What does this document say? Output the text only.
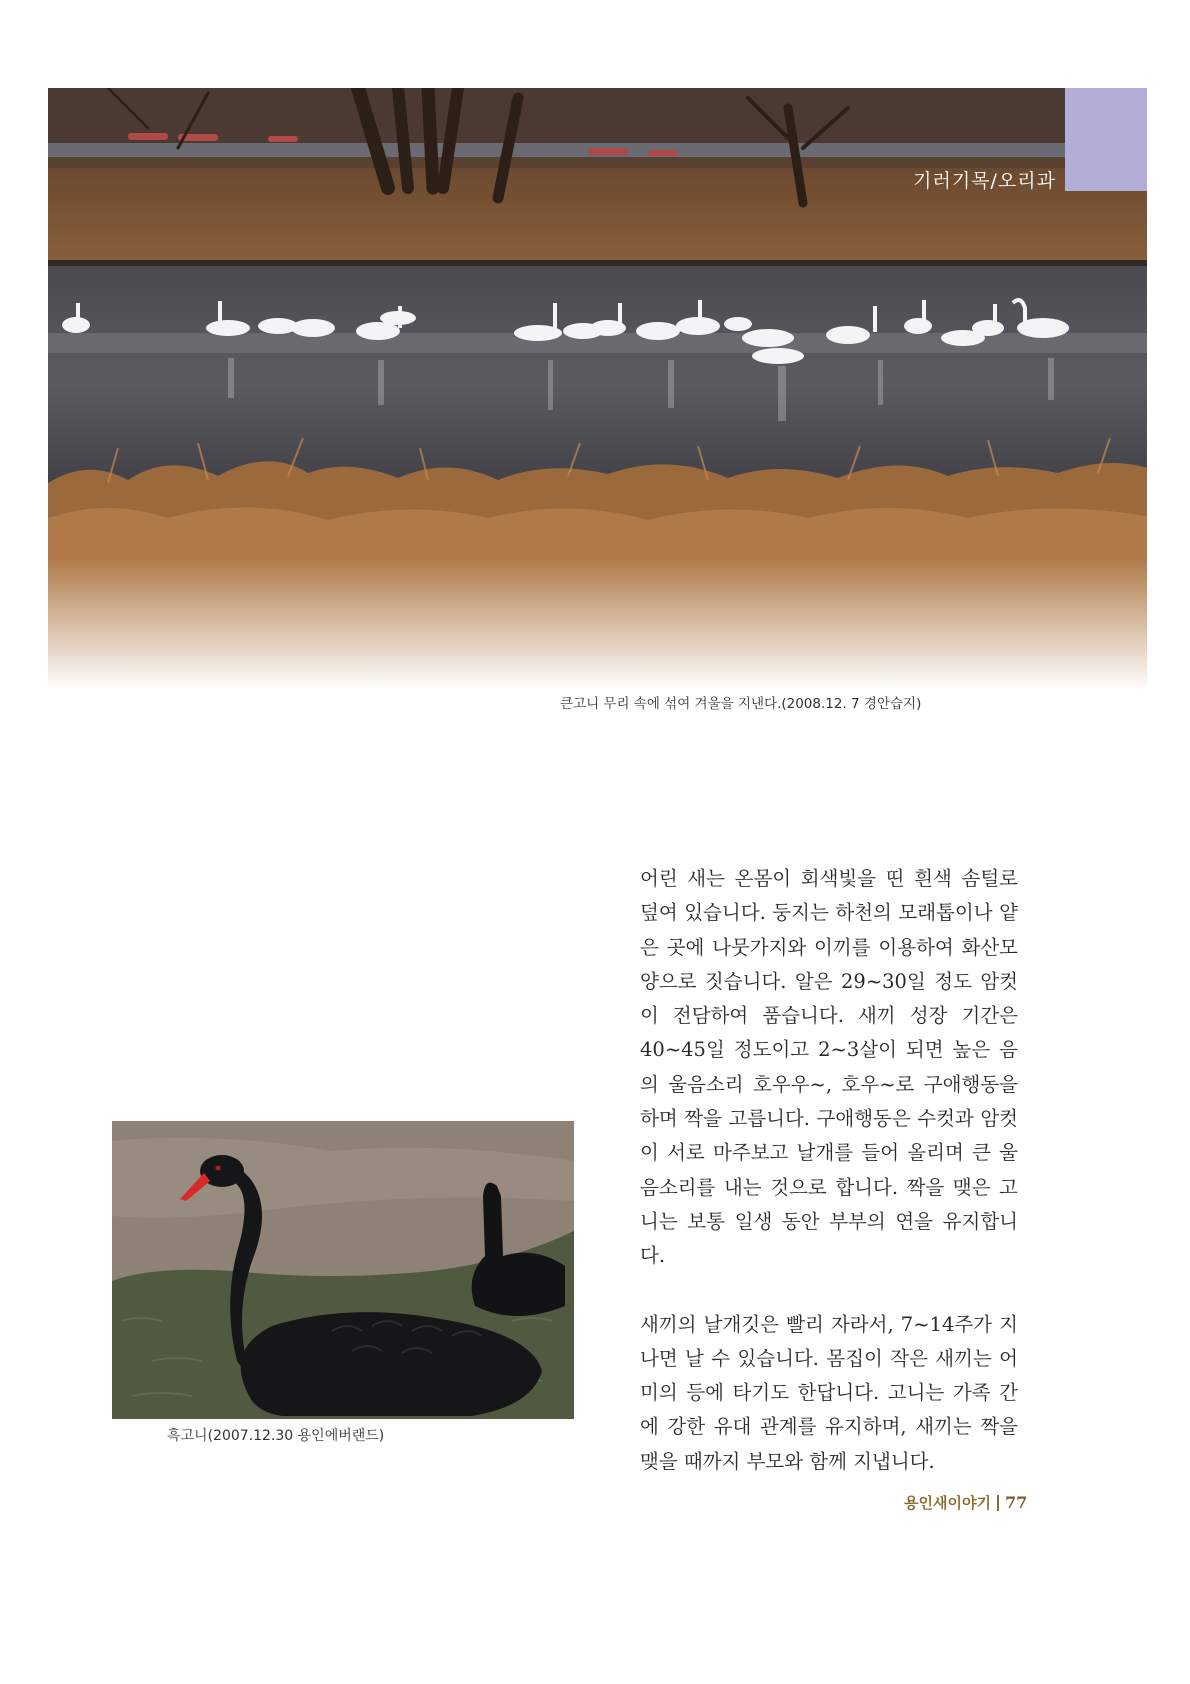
기러기목/오리과
큰고니 무리 속에 섞여 겨울을 지낸다.(2008.12. 7 경안습지)

어린 새는 온몸이 회색빛을 띤 흰색 솜털로 덮여 있습니다. 둥지는 하천의 모래톱이나 얕은 곳에 나뭇가지와 이끼를 이용하여 화산모양으로 짓습니다. 알은 29~30일 정도 암컷이 전담하여 품습니다. 새끼 성장 기간은 40~45일 정도이고 2~3살이 되면 높은 음의 울음소리 호우우~, 호우~로 구애행동을 하며 짝을 고릅니다. 구애행동은 수컷과 암컷이 서로 마주보고 날개를 들어 올리며 큰 울음소리를 내는 것으로 합니다. 짝을 맺은 고니는 보통 일생 동안 부부의 연을 유지합니다.

새끼의 날개깃은 빨리 자라서, 7~14주가 지나면 날 수 있습니다. 몸집이 작은 새끼는 어미의 등에 타기도 한답니다. 고니는 가족 간에 강한 유대 관계를 유지하며, 새끼는 짝을 맺을 때까지 부모와 함께 지냅니다.

흑고니(2007.12.30 용인에버랜드)
용인새이야기 77
